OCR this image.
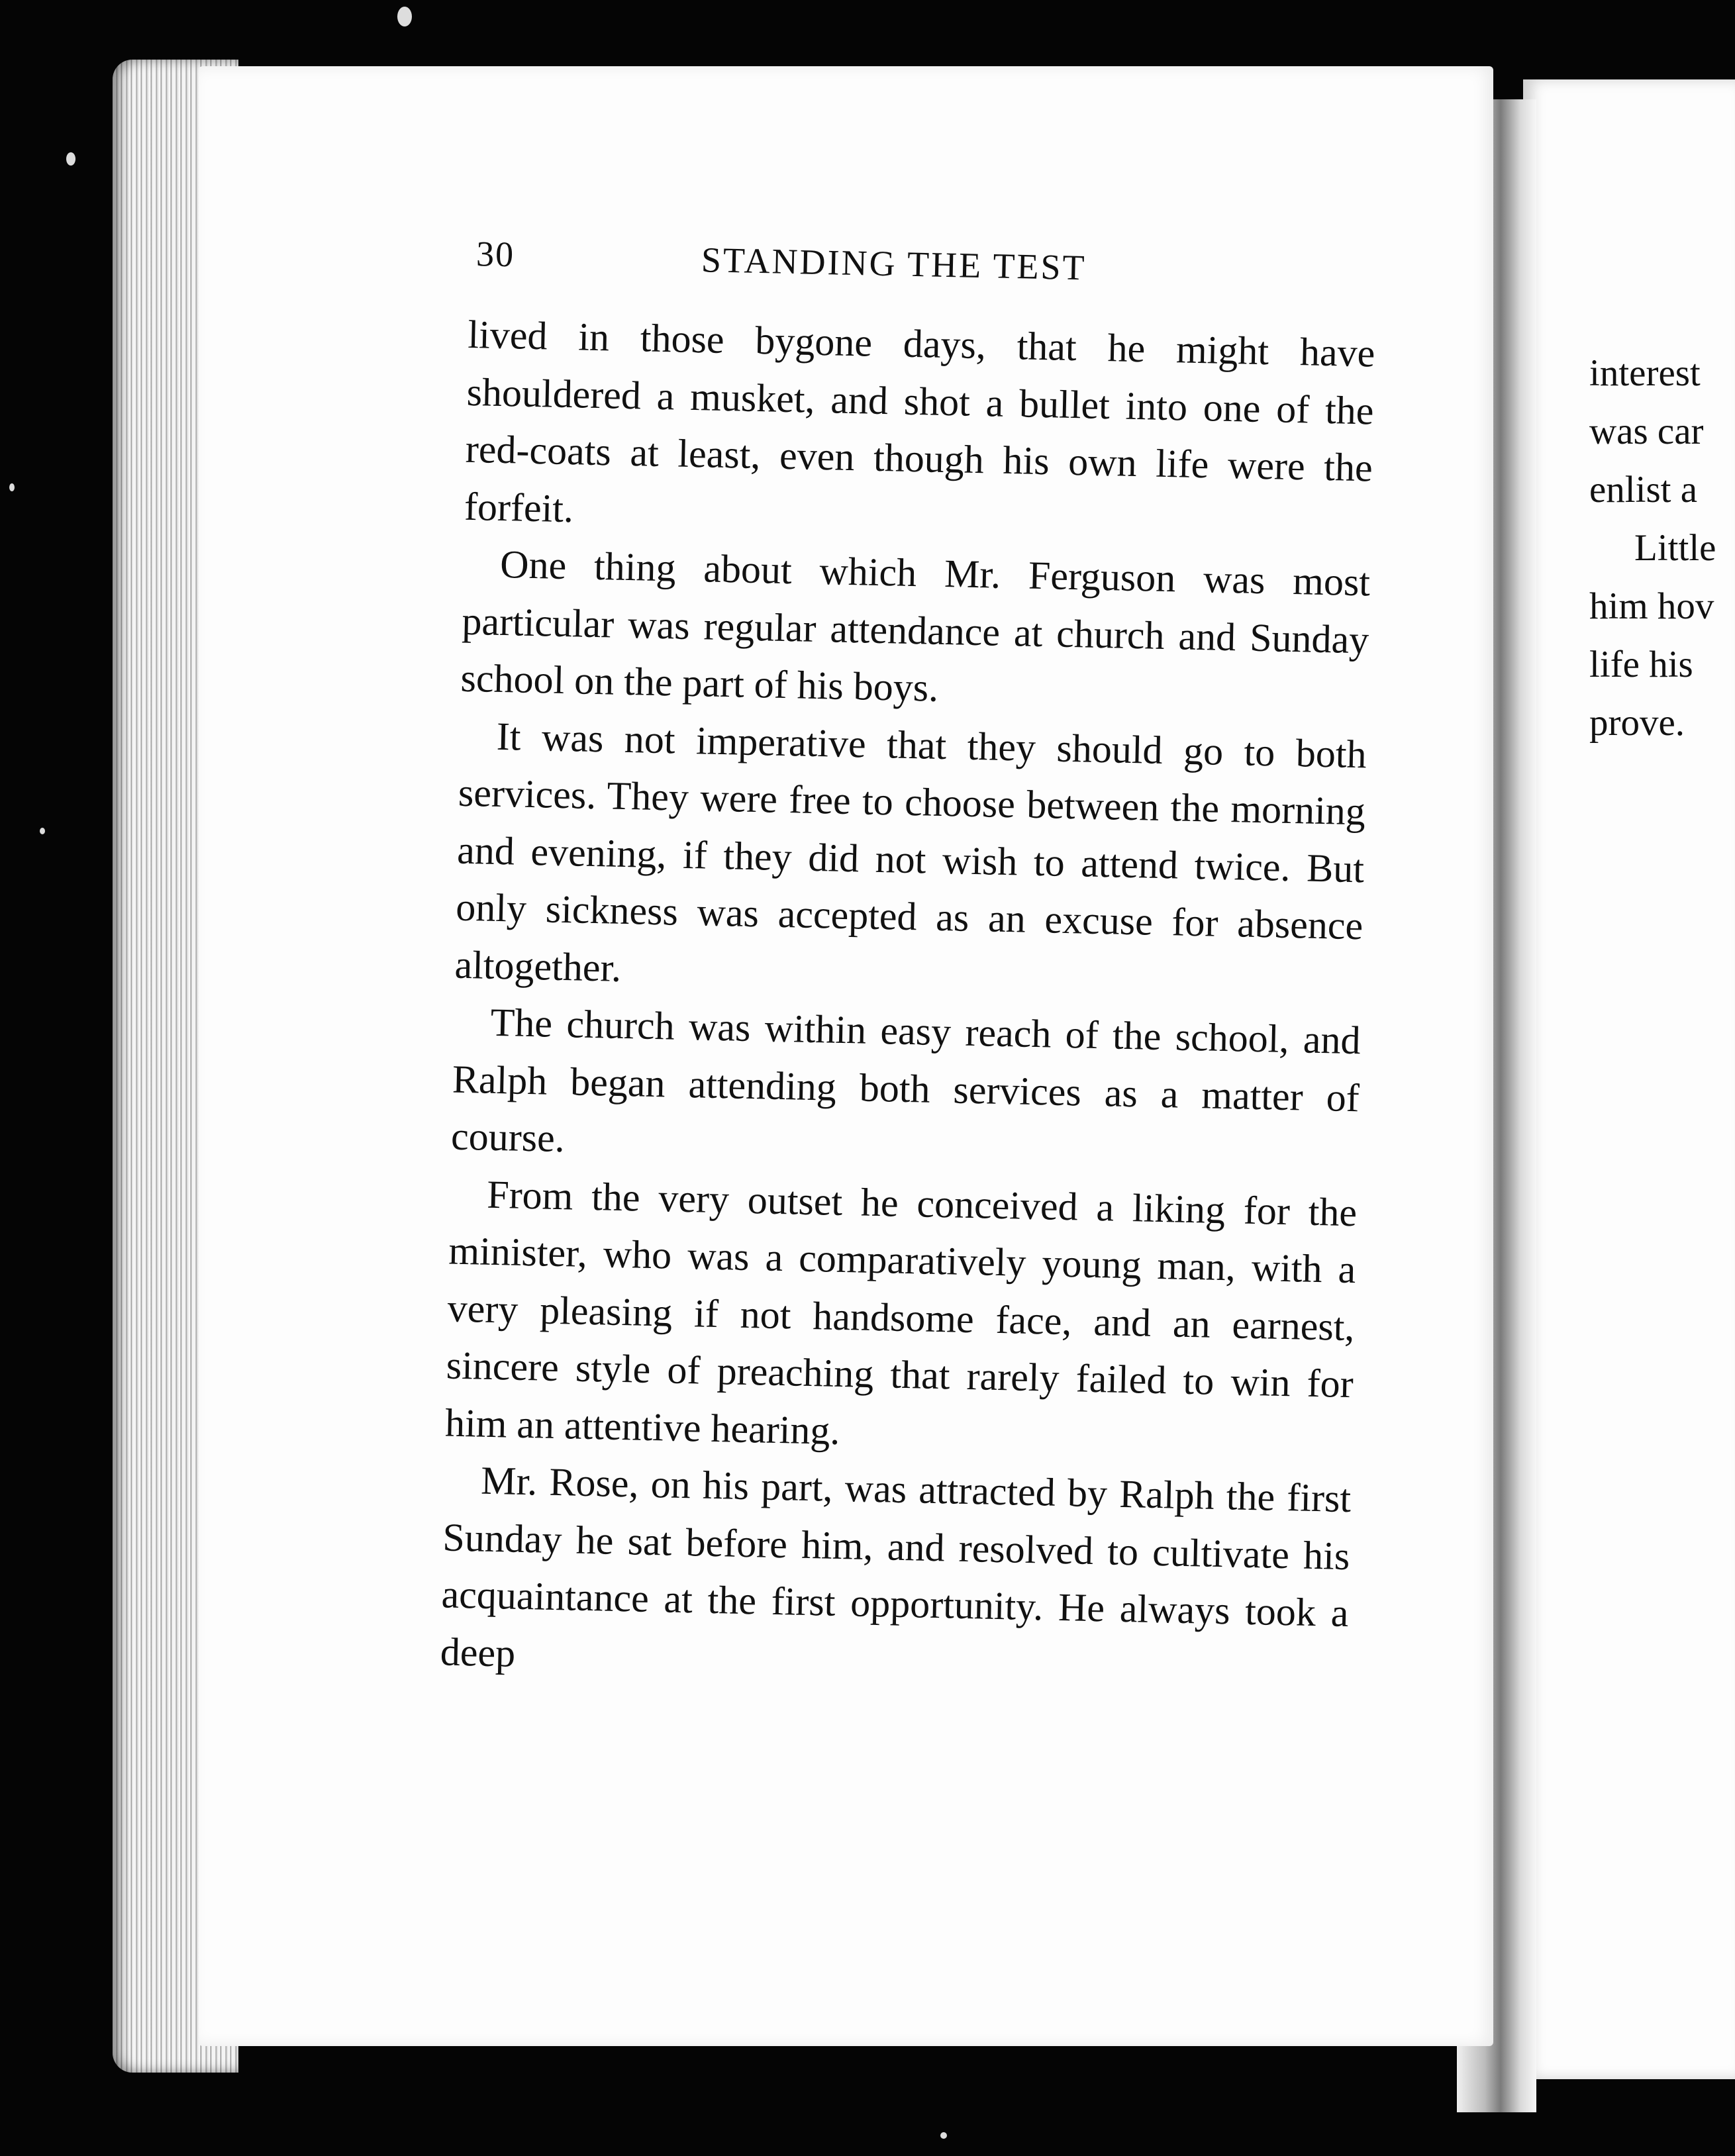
30	STANDING THE TEST

lived in those bygone days, that he might have shouldered a musket, and shot a bullet into one of the red-coats at least, even though his own life were the forfeit.

One thing about which Mr. Ferguson was most particular was regular attendance at church and Sunday school on the part of his boys.

It was not imperative that they should go to both services. They were free to choose between the morning and evening, if they did not wish to attend twice. But only sickness was accepted as an excuse for absence altogether.

The church was within easy reach of the school, and Ralph began attending both services as a matter of course.

From the very outset he conceived a liking for the minister, who was a comparatively young man, with a very pleasing if not handsome face, and an earnest, sincere style of preaching that rarely failed to win for him an attentive hearing.

Mr. Rose, on his part, was attracted by Ralph the first Sunday he sat before him, and resolved to cultivate his acquaintance at the first opportunity. He always took a deep

interest
was car
enlist a
Little
him hov
life his
prove.
